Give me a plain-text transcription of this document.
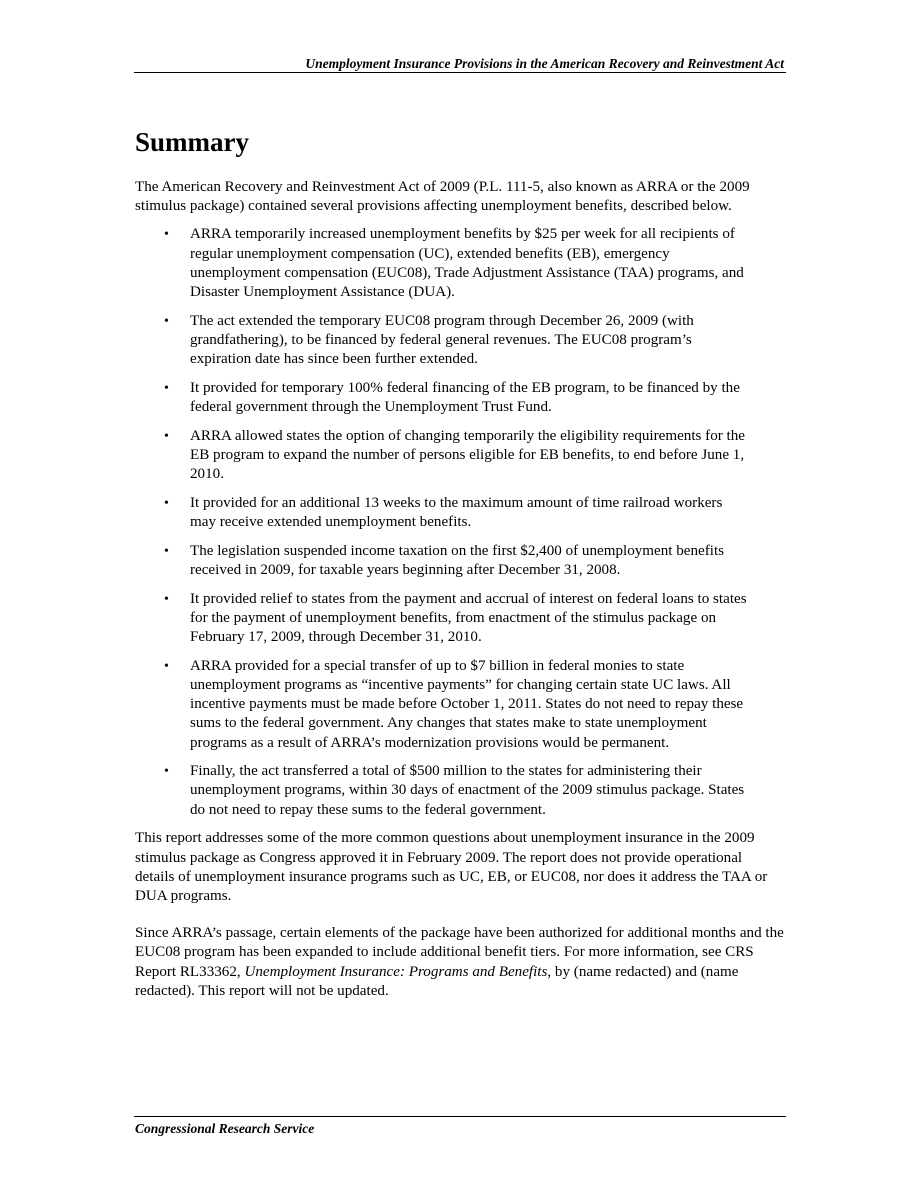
Unemployment Insurance Provisions in the American Recovery and Reinvestment Act
Summary

The American Recovery and Reinvestment Act of 2009 (P.L. 111-5, also known as ARRA or the 2009 stimulus package) contained several provisions affecting unemployment benefits, described below.

• ARRA temporarily increased unemployment benefits by $25 per week for all recipients of regular unemployment compensation (UC), extended benefits (EB), emergency unemployment compensation (EUC08), Trade Adjustment Assistance (TAA) programs, and Disaster Unemployment Assistance (DUA).
• The act extended the temporary EUC08 program through December 26, 2009 (with grandfathering), to be financed by federal general revenues. The EUC08 program’s expiration date has since been further extended.
• It provided for temporary 100% federal financing of the EB program, to be financed by the federal government through the Unemployment Trust Fund.
• ARRA allowed states the option of changing temporarily the eligibility requirements for the EB program to expand the number of persons eligible for EB benefits, to end before June 1, 2010.
• It provided for an additional 13 weeks to the maximum amount of time railroad workers may receive extended unemployment benefits.
• The legislation suspended income taxation on the first $2,400 of unemployment benefits received in 2009, for taxable years beginning after December 31, 2008.
• It provided relief to states from the payment and accrual of interest on federal loans to states for the payment of unemployment benefits, from enactment of the stimulus package on February 17, 2009, through December 31, 2010.
• ARRA provided for a special transfer of up to $7 billion in federal monies to state unemployment programs as “incentive payments” for changing certain state UC laws. All incentive payments must be made before October 1, 2011. States do not need to repay these sums to the federal government. Any changes that states make to state unemployment programs as a result of ARRA’s modernization provisions would be permanent.
• Finally, the act transferred a total of $500 million to the states for administering their unemployment programs, within 30 days of enactment of the 2009 stimulus package. States do not need to repay these sums to the federal government.

This report addresses some of the more common questions about unemployment insurance in the 2009 stimulus package as Congress approved it in February 2009. The report does not provide operational details of unemployment insurance programs such as UC, EB, or EUC08, nor does it address the TAA or DUA programs.

Since ARRA’s passage, certain elements of the package have been authorized for additional months and the EUC08 program has been expanded to include additional benefit tiers. For more information, see CRS Report RL33362, Unemployment Insurance: Programs and Benefits, by (name redacted) and (name redacted). This report will not be updated.

Congressional Research Service
